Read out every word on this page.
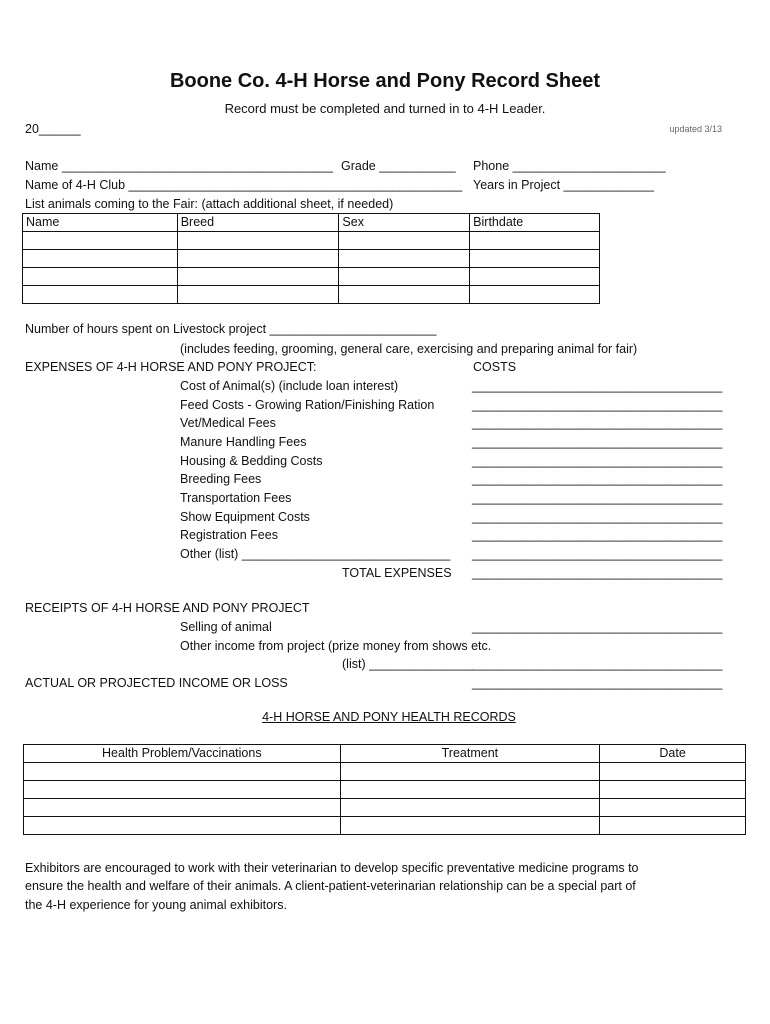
Boone Co. 4-H Horse and Pony Record Sheet
Record must be completed and turned in to 4-H Leader.
20______	updated 3/13
Name _______________________________________ Grade ___________ Phone ______________________
Name of 4-H Club ________________________________________________ Years in Project _____________
List animals coming to the Fair: (attach additional sheet, if needed)
Name	Breed	Sex	Birthdate

Number of hours spent on Livestock project ________________________
(includes feeding, grooming, general care, exercising and preparing animal for fair)
EXPENSES OF 4-H HORSE AND PONY PROJECT:	COSTS
Cost of Animal(s) (include loan interest)	____________________________________
Feed Costs - Growing Ration/Finishing Ration	____________________________________
Vet/Medical Fees	____________________________________
Manure Handling Fees	____________________________________
Housing & Bedding Costs	____________________________________
Breeding Fees	____________________________________
Transportation Fees	____________________________________
Show Equipment Costs	____________________________________
Registration Fees	____________________________________
Other (list) ______________________________ ____________________________________
TOTAL EXPENSES ____________________________________
RECEIPTS OF 4-H HORSE AND PONY PROJECT
Selling of animal	____________________________________
Other income from project (prize money from shows etc.
(list) _______________
____________________________________
ACTUAL OR PROJECTED INCOME OR LOSS	____________________________________
4-H HORSE AND PONY HEALTH RECORDS
Health Problem/Vaccinations	Treatment	Date

Exhibitors are encouraged to work with their veterinarian to develop specific preventative medicine programs to
ensure the health and welfare of their animals. A client-patient-veterinarian relationship can be a special part of
the 4-H experience for young animal exhibitors.
